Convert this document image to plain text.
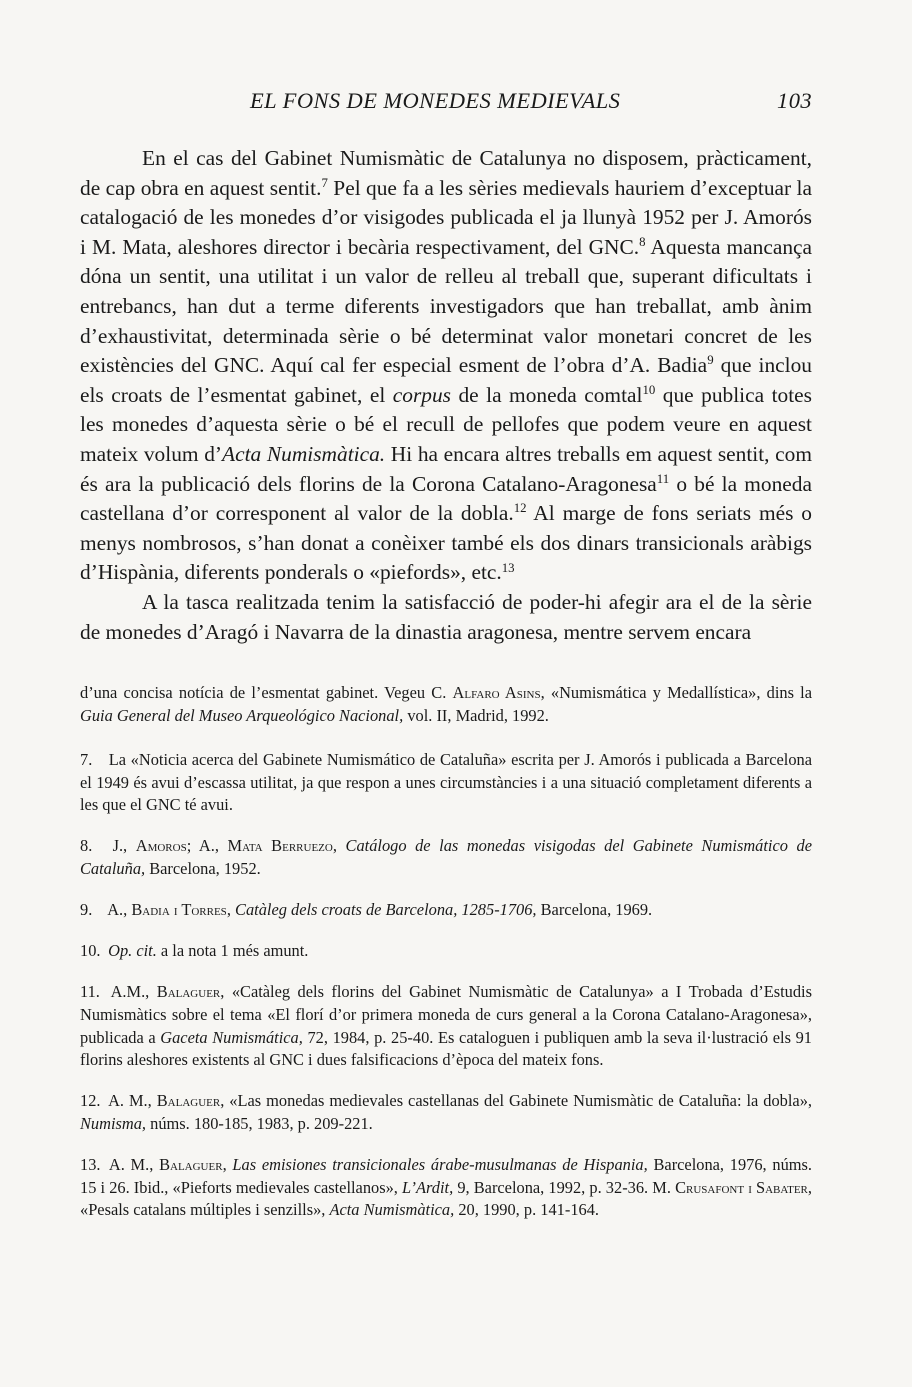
EL FONS DE MONEDES MEDIEVALS	103

En el cas del Gabinet Numismàtic de Catalunya no disposem, pràcticament, de cap obra en aquest sentit.$^7$ Pel que fa a les sèries medievals hauriem d’exceptuar la catalogació de les monedes d’or visigodes publicada el ja llunyà 1952 per J. Amorós i M. Mata, aleshores director i becària respectivament, del GNC.$^8$ Aquesta mancança dóna un sentit, una utilitat i un valor de relleu al treball que, superant dificultats i entrebancs, han dut a terme diferents investigadors que han treballat, amb ànim d’exhaustivitat, determinada sèrie o bé determinat valor monetari concret de les existències del GNC. Aquí cal fer especial esment de l’obra d’A. Badia$^9$ que inclou els croats de l’esmentat gabinet, el corpus de la moneda comtal$^{10}$ que publica totes les monedes d’aquesta sèrie o bé el recull de pellofes que podem veure en aquest mateix volum d’Acta Numismàtica. Hi ha encara altres treballs em aquest sentit, com és ara la publicació dels florins de la Corona Catalano-Aragonesa$^{11}$ o bé la moneda castellana d’or corresponent al valor de la dobla.$^{12}$ Al marge de fons seriats més o menys nombrosos, s’han donat a conèixer també els dos dinars transicionals aràbigs d’Hispània, diferents ponderals o «piefords», etc.$^{13}$

A la tasca realitzada tenim la satisfacció de poder-hi afegir ara el de la sèrie de monedes d’Aragó i Navarra de la dinastia aragonesa, mentre servem encara

d’una concisa notícia de l’esmentat gabinet. Vegeu C. Alfaro Asins, «Numismática y Medallística», dins la Guia General del Museo Arqueológico Nacional, vol. II, Madrid, 1992.
7. La «Noticia acerca del Gabinete Numismático de Cataluña» escrita per J. Amorós i publicada a Barcelona el 1949 és avui d’escassa utilitat, ja que respon a unes circumstàncies i a una situació completament diferents a les que el GNC té avui.
8. J., Amoros; A., Mata Berruezo, Catálogo de las monedas visigodas del Gabinete Numismático de Cataluña, Barcelona, 1952.
9. A., Badia i Torres, Catàleg dels croats de Barcelona, 1285-1706, Barcelona, 1969.
10. Op. cit. a la nota 1 més amunt.
11. A.M., Balaguer, «Catàleg dels florins del Gabinet Numismàtic de Catalunya» a I Trobada d’Estudis Numismàtics sobre el tema «El florí d’or primera moneda de curs general a la Corona Catalano-Aragonesa», publicada a Gaceta Numismática, 72, 1984, p. 25-40. Es cataloguen i publiquen amb la seva il·lustració els 91 florins aleshores existents al GNC i dues falsificacions d’època del mateix fons.
12. A. M., Balaguer, «Las monedas medievales castellanas del Gabinete Numismàtic de Cataluña: la dobla», Numisma, núms. 180-185, 1983, p. 209-221.
13. A. M., Balaguer, Las emisiones transicionales árabe-musulmanas de Hispania, Barcelona, 1976, núms. 15 i 26. Ibid., «Pieforts medievales castellanos», L’Ardit, 9, Barcelona, 1992, p. 32-36. M. Crusafont i Sabater, «Pesals catalans múltiples i senzills», Acta Numismàtica, 20, 1990, p. 141-164.
